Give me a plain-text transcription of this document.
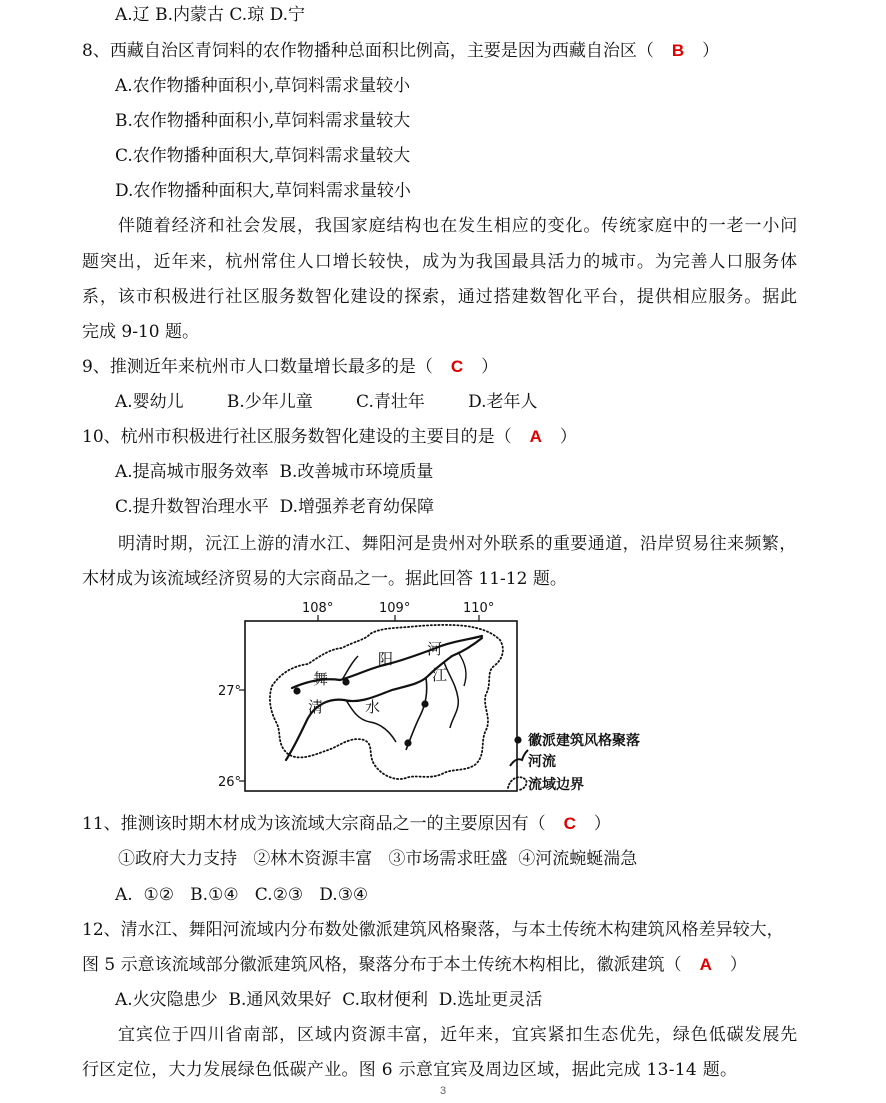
A.辽 B.内蒙古 C.琼 D.宁
8、西藏自治区青饲料的农作物播种总面积比例高，主要是因为西藏自治区（ B ）
A.农作物播种面积小,草饲料需求量较小
B.农作物播种面积小,草饲料需求量较大
C.农作物播种面积大,草饲料需求量较大
D.农作物播种面积大,草饲料需求量较小
伴随着经济和社会发展，我国家庭结构也在发生相应的变化。传统家庭中的一老一小问
题突出，近年来，杭州常住人口增长较快，成为为我国最具活力的城市。为完善人口服务体
系，该市积极进行社区服务数智化建设的探索，通过搭建数智化平台，提供相应服务。据此
完成 9-10 题。
9、推测近年来杭州市人口数量增长最多的是（ C ）
A.婴幼儿        B.少年儿童        C.青壮年        D.老年人
10、杭州市积极进行社区服务数智化建设的主要目的是（ A ）
A.提高城市服务效率  B.改善城市环境质量
C.提升数智治理水平  D.增强养老育幼保障
明清时期，沅江上游的清水江、舞阳河是贵州对外联系的重要通道，沿岸贸易往来频繁，
木材成为该流域经济贸易的大宗商品之一。据此回答 11-12 题。
108°	109°	110°
27°
26°
舞
阳
河
江
清	水
徽派建筑风格聚落
河流
流域边界
11、推测该时期木材成为该流域大宗商品之一的主要原因有（ C ）
①政府大力支持   ②林木资源丰富   ③市场需求旺盛  ④河流蜿蜒湍急
A.  ①②   B.①④   C.②③   D.③④
12、清水江、舞阳河流域内分布数处徽派建筑风格聚落，与本土传统木构建筑风格差异较大，
图 5 示意该流域部分徽派建筑风格，聚落分布于本土传统木构相比，徽派建筑（ A ）
A.火灾隐患少  B.通风效果好  C.取材便利  D.选址更灵活
宜宾位于四川省南部，区域内资源丰富，近年来，宜宾紧扣生态优先，绿色低碳发展先
行区定位，大力发展绿色低碳产业。图 6 示意宜宾及周边区域，据此完成 13-14 题。
3
